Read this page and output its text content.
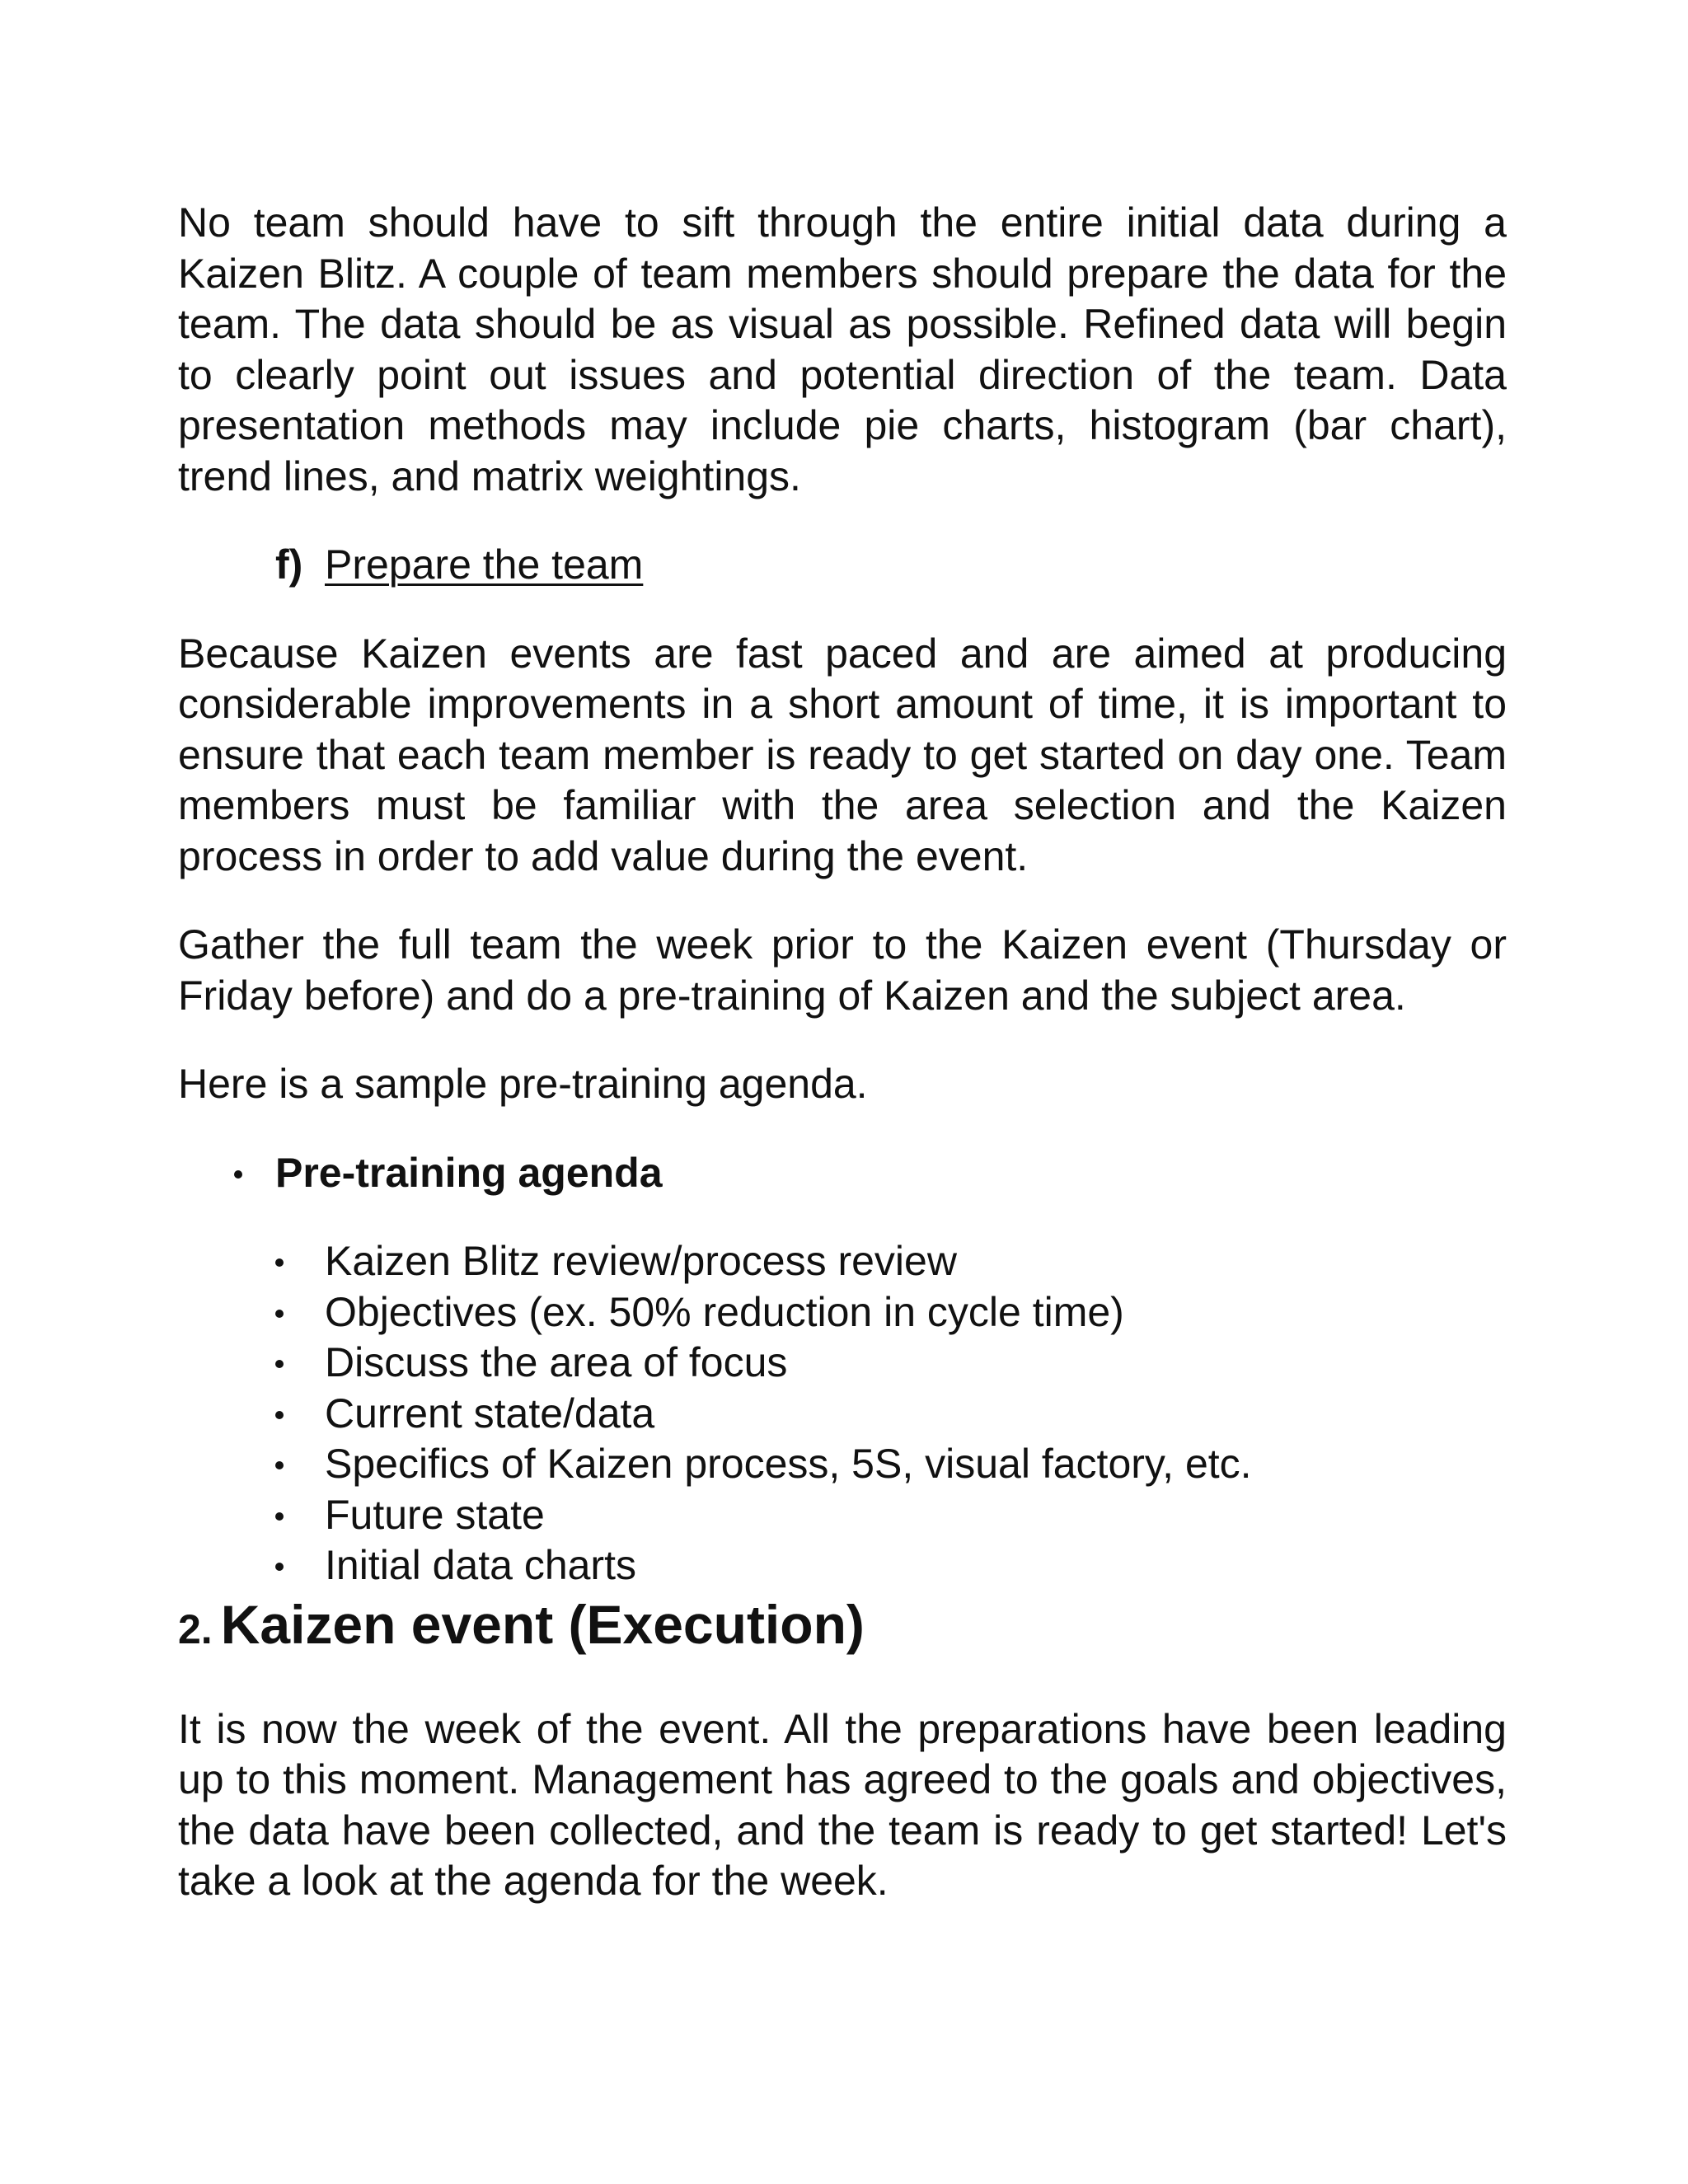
No team should have to sift through the entire initial data during a Kaizen Blitz. A couple of team members should prepare the data for the team. The data should be as visual as possible. Refined data will begin to clearly point out issues and potential direction of the team. Data presentation methods may include pie charts, histogram (bar chart), trend lines, and matrix weightings.

f) Prepare the team

Because Kaizen events are fast paced and are aimed at producing considerable improvements in a short amount of time, it is important to ensure that each team member is ready to get started on day one. Team members must be familiar with the area selection and the Kaizen process in order to add value during the event.

Gather the full team the week prior to the Kaizen event (Thursday or Friday before) and do a pre-training of Kaizen and the subject area.

Here is a sample pre-training agenda.

Pre-training agenda
Kaizen Blitz review/process review
Objectives (ex. 50% reduction in cycle time)
Discuss the area of focus
Current state/data
Specifics of Kaizen process, 5S, visual factory, etc.
Future state
Initial data charts
2. Kaizen event (Execution)

It is now the week of the event. All the preparations have been leading up to this moment. Management has agreed to the goals and objectives, the data have been collected, and the team is ready to get started! Let's take a look at the agenda for the week.
